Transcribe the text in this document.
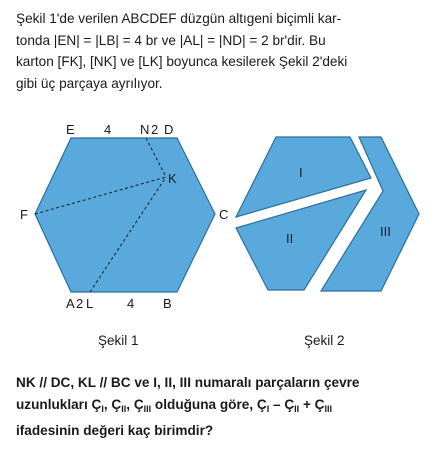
Şekil 1'de verilen ABCDEF düzgün altıgeni biçimli kar-

tonda |EN| = |LB| = 4 br ve |AL| = |ND| = 2 br'dir. Bu

karton [FK], [NK] ve [LK] boyunca kesilerek Şekil 2'deki

gibi üç parçaya ayrılıyor.

E 4 N 2 D
K
C
F
A 2 L	4 B
Şekil 1
I
II	III
Şekil 2

NK // DC, KL // BC ve I, II, III numaralı parçaların çevre

uzunlukları $Ç_I$, $Ç_{II}$, $Ç_{III}$ olduğuna göre, $Ç_I$ – $Ç_{II}$ + $Ç_{III}$

ifadesinin değeri kaç birimdir?
